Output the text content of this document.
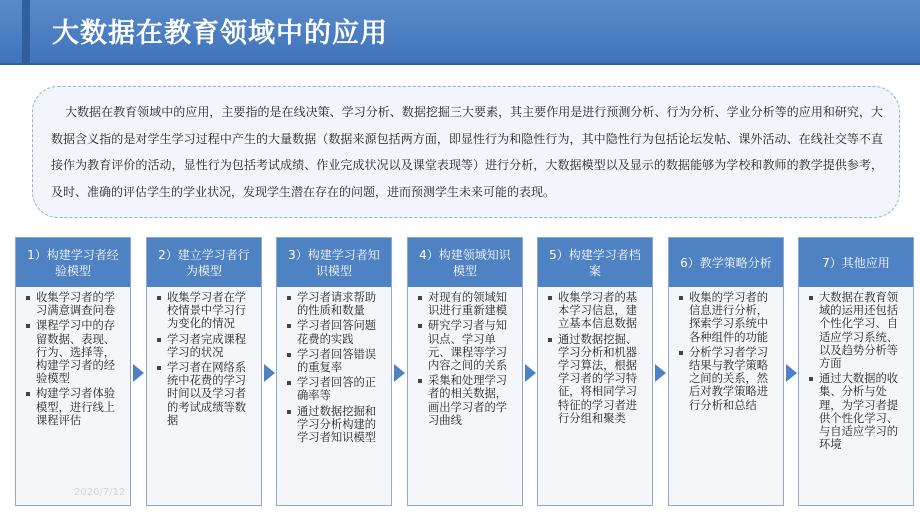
大数据在教育领域中的应用
大数据在教育领域中的应用，主要指的是在线决策、学习分析、数据挖掘三大要素，其主要作用是进行预测分析、行为分析、学业分析等的应用和研究，大数据含义指的是对学生学习过程中产生的大量数据（数据来源包括两方面，即显性行为和隐性行为，其中隐性行为包括论坛发帖、课外活动、在线社交等不直接作为教育评价的活动，显性行为包括考试成绩、作业完成状况以及课堂表现等）进行分析，大数据模型以及显示的数据能够为学校和教师的教学提供参考，及时、准确的评估学生的学业状况，发现学生潜在存在的问题，进而预测学生未来可能的表现。
1）构建学习者经验模型
收集学习者的学习满意调查问卷
课程学习中的存留数据、表现、行为、选择等，构建学习者的经验模型
构建学习者体验模型，进行线上课程评估
2）建立学习者行为模型
收集学习者在学校情景中学习行为变化的情况
学习者完成课程学习的状况
学习者在网络系统中花费的学习时间以及学习者的考试成绩等数据
3）构建学习者知识模型
学习者请求帮助的性质和数量
学习者回答问题花费的实践
学习者回答错误的重复率
学习者回答的正确率等
通过数据挖掘和学习分析构建的学习者知识模型
4）构建领域知识模型
对现有的领域知识进行重新建模
研究学习者与知识点、学习单元、课程等学习内容之间的关系
采集和处理学习者的相关数据，画出学习者的学习曲线
5）构建学习者档案
收集学习者的基本学习信息，建立基本信息数据
通过数据挖掘、学习分析和机器学习算法，根据学习者的学习特征，将相同学习特征的学习者进行分组和聚类
6）教学策略分析
收集的学习者的信息进行分析，探索学习系统中各种组件的功能
分析学习者学习结果与教学策略之间的关系，然后对教学策略进行分析和总结
7）其他应用
大数据在教育领域的运用还包括个性化学习、自适应学习系统、以及趋势分析等方面
通过大数据的收集、分析与处理，为学习者提供个性化学习、与自适应学习的环境
2020/7/12
